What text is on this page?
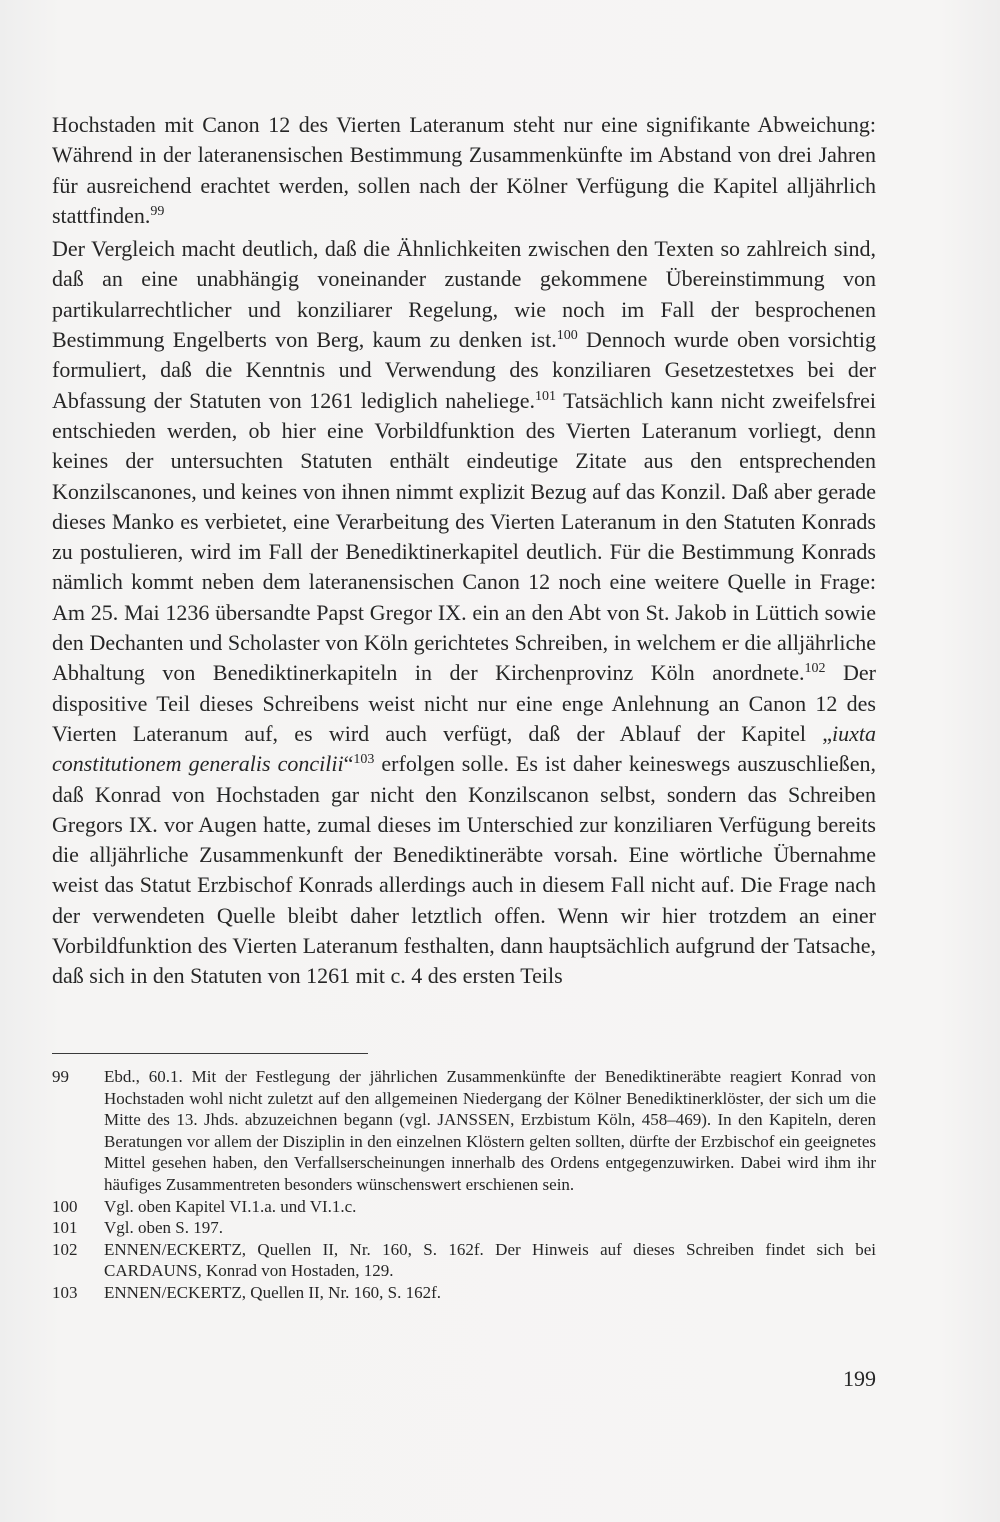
Hochstaden mit Canon 12 des Vierten Lateranum steht nur eine signifikante Abweichung: Während in der lateranensischen Bestimmung Zusammenkünfte im Abstand von drei Jahren für ausreichend erachtet werden, sollen nach der Kölner Verfügung die Kapitel alljährlich stattfinden.$^{99}$

Der Vergleich macht deutlich, daß die Ähnlichkeiten zwischen den Texten so zahlreich sind, daß an eine unabhängig voneinander zustande gekommene Übereinstimmung von partikularrechtlicher und konziliarer Regelung, wie noch im Fall der besprochenen Bestimmung Engelberts von Berg, kaum zu denken ist.$^{100}$ Dennoch wurde oben vorsichtig formuliert, daß die Kenntnis und Verwendung des konziliaren Gesetzestetxes bei der Abfassung der Statuten von 1261 lediglich naheliege.$^{101}$ Tatsächlich kann nicht zweifelsfrei entschieden werden, ob hier eine Vorbildfunktion des Vierten Lateranum vorliegt, denn keines der untersuchten Statuten enthält eindeutige Zitate aus den entsprechenden Konzilscanones, und keines von ihnen nimmt explizit Bezug auf das Konzil. Daß aber gerade dieses Manko es verbietet, eine Verarbeitung des Vierten Lateranum in den Statuten Konrads zu postulieren, wird im Fall der Benediktinerkapitel deutlich. Für die Bestimmung Konrads nämlich kommt neben dem lateranensischen Canon 12 noch eine weitere Quelle in Frage: Am 25. Mai 1236 übersandte Papst Gregor IX. ein an den Abt von St. Jakob in Lüttich sowie den Dechanten und Scholaster von Köln gerichtetes Schreiben, in welchem er die alljährliche Abhaltung von Benediktinerkapiteln in der Kirchenprovinz Köln anordnete.$^{102}$ Der dispositive Teil dieses Schreibens weist nicht nur eine enge Anlehnung an Canon 12 des Vierten Lateranum auf, es wird auch verfügt, daß der Ablauf der Kapitel „iuxta constitutionem generalis concilii“$^{103}$ erfolgen solle. Es ist daher keineswegs auszuschließen, daß Konrad von Hochstaden gar nicht den Konzilscanon selbst, sondern das Schreiben Gregors IX. vor Augen hatte, zumal dieses im Unterschied zur konziliaren Verfügung bereits die alljährliche Zusammenkunft der Benediktineräbte vorsah. Eine wörtliche Übernahme weist das Statut Erzbischof Konrads allerdings auch in diesem Fall nicht auf. Die Frage nach der verwendeten Quelle bleibt daher letztlich offen. Wenn wir hier trotzdem an einer Vorbildfunktion des Vierten Lateranum festhalten, dann hauptsächlich aufgrund der Tatsache, daß sich in den Statuten von 1261 mit c. 4 des ersten Teils

99	Ebd., 60.1. Mit der Festlegung der jährlichen Zusammenkünfte der Benediktineräbte reagiert Konrad von Hochstaden wohl nicht zuletzt auf den allgemeinen Niedergang der Kölner Benediktinerklöster, der sich um die Mitte des 13. Jhds. abzuzeichnen begann (vgl. JANSSEN, Erzbistum Köln, 458–469). In den Kapiteln, deren Beratungen vor allem der Disziplin in den einzelnen Klöstern gelten sollten, dürfte der Erzbischof ein geeignetes Mittel gesehen haben, den Verfallserscheinungen innerhalb des Ordens entgegenzuwirken. Dabei wird ihm ihr häufiges Zusammentreten besonders wünschenswert erschienen sein.
100	Vgl. oben Kapitel VI.1.a. und VI.1.c.
101	Vgl. oben S. 197.
102	ENNEN/ECKERTZ, Quellen II, Nr. 160, S. 162f. Der Hinweis auf dieses Schreiben findet sich bei CARDAUNS, Konrad von Hostaden, 129.
103	ENNEN/ECKERTZ, Quellen II, Nr. 160, S. 162f.
199
